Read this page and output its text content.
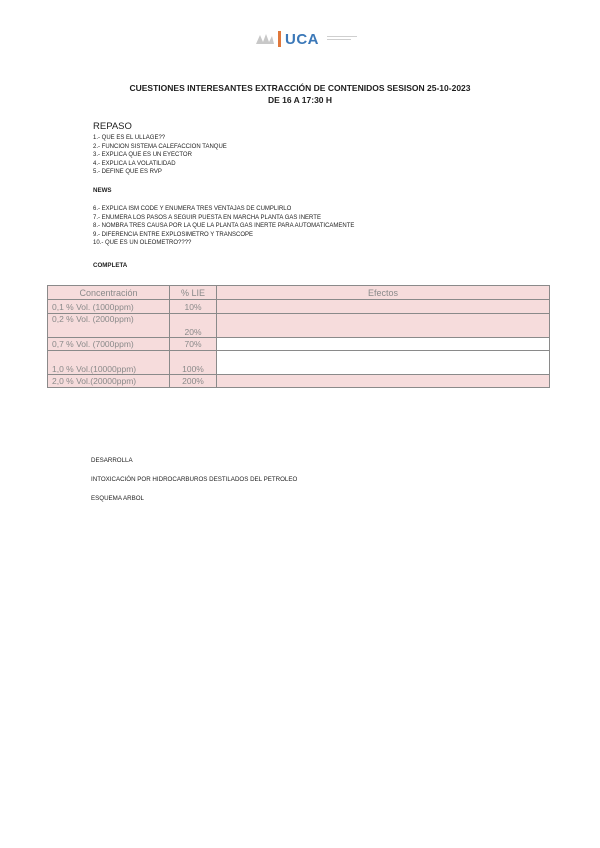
UCA
CUESTIONES INTERESANTES EXTRACCIÓN DE CONTENIDOS SESISON 25-10-2023
DE 16 A 17:30 H
REPASO
1.- QUE ES EL ULLAGE??
2.- FUNCION SISTEMA CALEFACCION TANQUE
3.- EXPLICA QUE ES UN EYECTOR
4.- EXPLICA LA VOLATILIDAD
5.- DEFINE QUE ES RVP
NEWS
6.- EXPLICA ISM CODE Y ENUMERA TRES VENTAJAS DE CUMPLIRLO
7.- ENUMERA LOS PASOS A SEGUIR PUESTA EN MARCHA PLANTA GAS INERTE
8.- NOMBRA TRES CAUSA POR LA QUE LA PLANTA GAS INERTE PARA AUTOMATICAMENTE
9.- DIFERENCIA ENTRE EXPLOSIMETRO Y TRANSCOPE
10.- QUE ES UN OLEOMETRO????
COMPLETA
Concentración	% LIE	Efectos
0,1 % Vol. (1000ppm)	10%	
0,2 % Vol. (2000ppm)	20%	
0,7 % Vol. (7000ppm)	70%	
1,0 % Vol.(10000ppm)	100%	
2,0 % Vol.(20000ppm)	200%	
DESARROLLA
INTOXICACIÓN POR HIDROCARBUROS DESTILADOS DEL PETROLEO
ESQUEMA ARBOL
